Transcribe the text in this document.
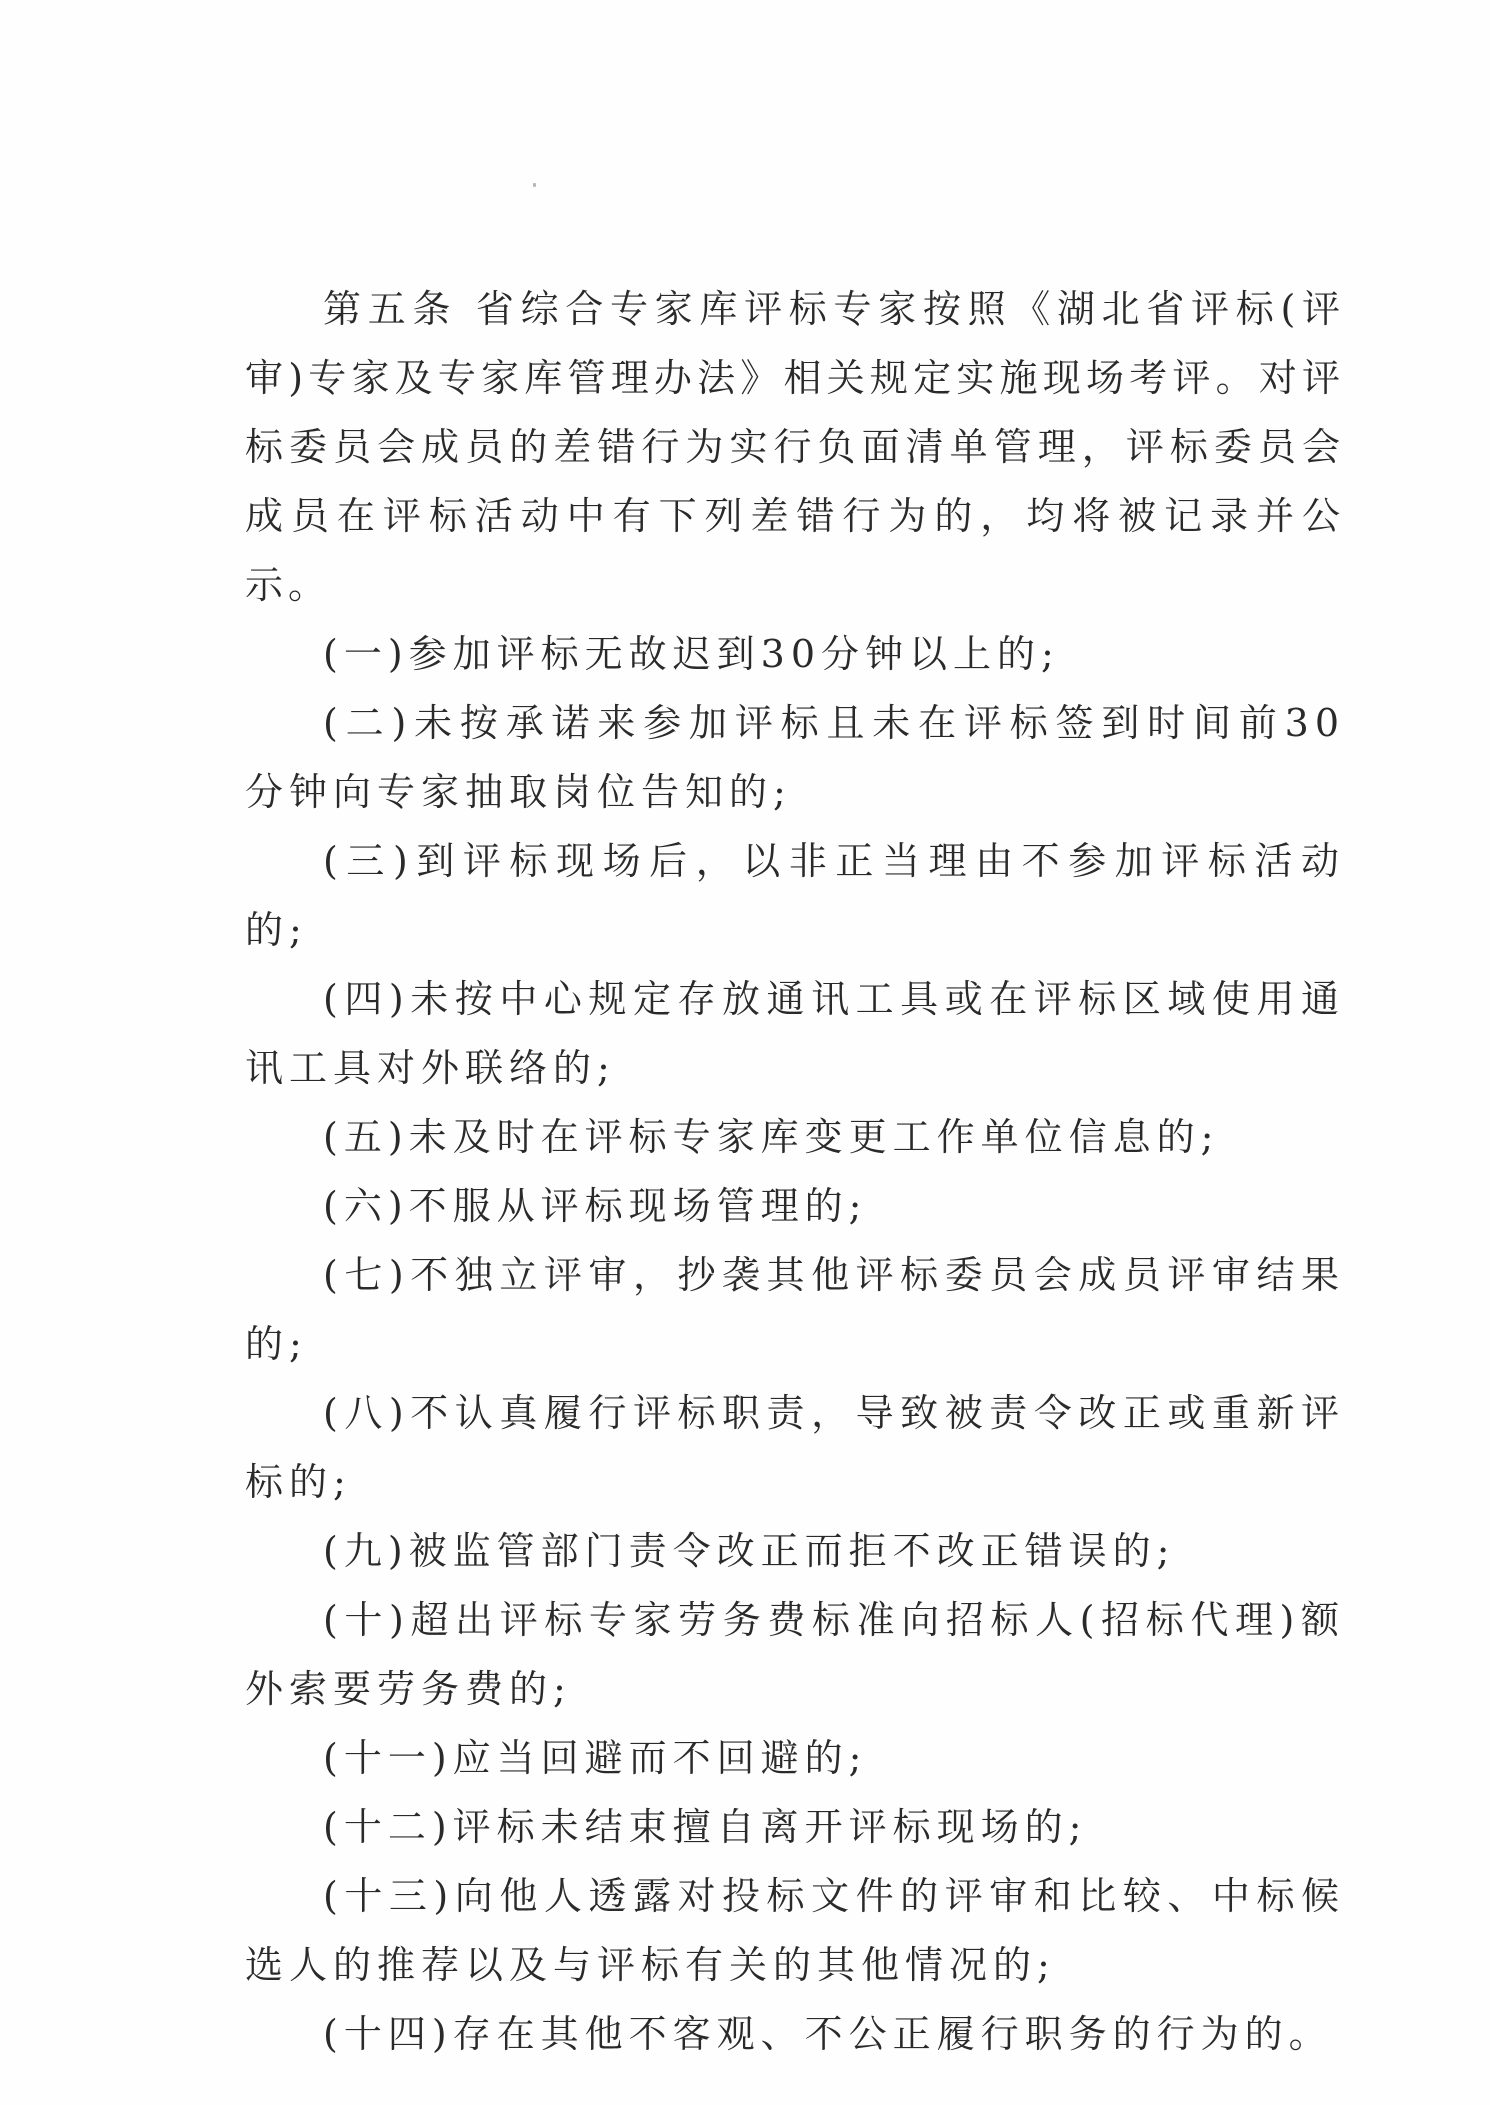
第五条 省综合专家库评标专家按照《湖北省评标(评审)专家及专家库管理办法》相关规定实施现场考评。对评标委员会成员的差错行为实行负面清单管理，评标委员会成员在评标活动中有下列差错行为的，均将被记录并公示。

(一)参加评标无故迟到30分钟以上的;

(二)未按承诺来参加评标且未在评标签到时间前30分钟向专家抽取岗位告知的;

(三)到评标现场后，以非正当理由不参加评标活动的;

(四)未按中心规定存放通讯工具或在评标区域使用通讯工具对外联络的;

(五)未及时在评标专家库变更工作单位信息的;

(六)不服从评标现场管理的;

(七)不独立评审，抄袭其他评标委员会成员评审结果的;

(八)不认真履行评标职责，导致被责令改正或重新评标的;

(九)被监管部门责令改正而拒不改正错误的;

(十)超出评标专家劳务费标准向招标人(招标代理)额外索要劳务费的;

(十一)应当回避而不回避的;

(十二)评标未结束擅自离开评标现场的;

(十三)向他人透露对投标文件的评审和比较、中标候选人的推荐以及与评标有关的其他情况的;

(十四)存在其他不客观、不公正履行职务的行为的。
